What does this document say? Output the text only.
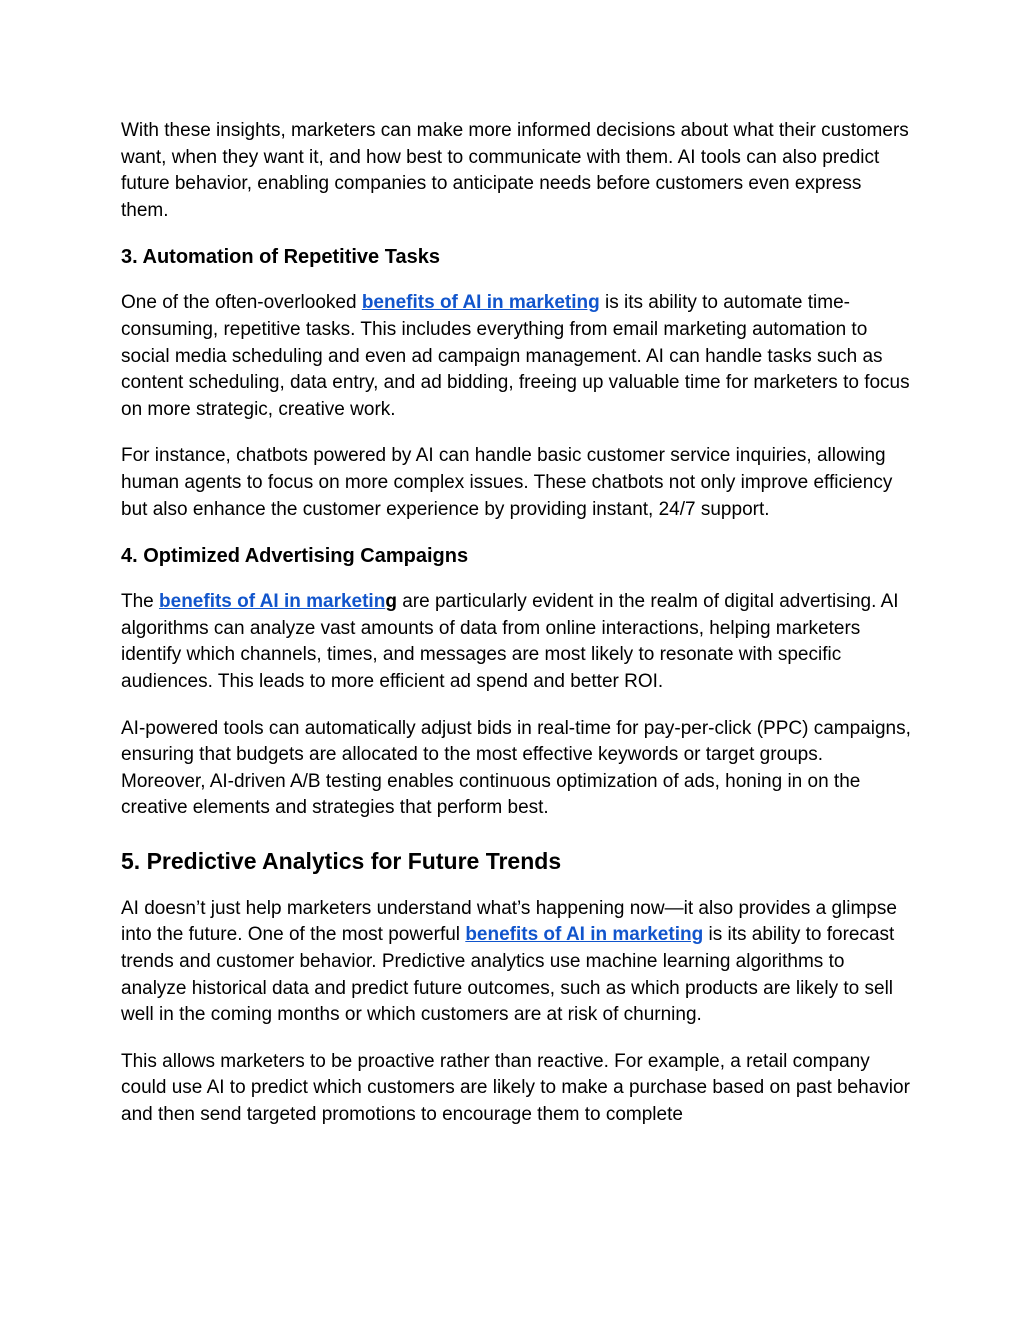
With these insights, marketers can make more informed decisions about what their customers want, when they want it, and how best to communicate with them. AI tools can also predict future behavior, enabling companies to anticipate needs before customers even express them.

3. Automation of Repetitive Tasks

One of the often-overlooked benefits of AI in marketing is its ability to automate time-consuming, repetitive tasks. This includes everything from email marketing automation to social media scheduling and even ad campaign management. AI can handle tasks such as content scheduling, data entry, and ad bidding, freeing up valuable time for marketers to focus on more strategic, creative work.

For instance, chatbots powered by AI can handle basic customer service inquiries, allowing human agents to focus on more complex issues. These chatbots not only improve efficiency but also enhance the customer experience by providing instant, 24/7 support.

4. Optimized Advertising Campaigns

The benefits of AI in marketing are particularly evident in the realm of digital advertising. AI algorithms can analyze vast amounts of data from online interactions, helping marketers identify which channels, times, and messages are most likely to resonate with specific audiences. This leads to more efficient ad spend and better ROI.

AI-powered tools can automatically adjust bids in real-time for pay-per-click (PPC) campaigns, ensuring that budgets are allocated to the most effective keywords or target groups. Moreover, AI-driven A/B testing enables continuous optimization of ads, honing in on the creative elements and strategies that perform best.

5. Predictive Analytics for Future Trends

AI doesn’t just help marketers understand what’s happening now—it also provides a glimpse into the future. One of the most powerful benefits of AI in marketing is its ability to forecast trends and customer behavior. Predictive analytics use machine learning algorithms to analyze historical data and predict future outcomes, such as which products are likely to sell well in the coming months or which customers are at risk of churning.

This allows marketers to be proactive rather than reactive. For example, a retail company could use AI to predict which customers are likely to make a purchase based on past behavior and then send targeted promotions to encourage them to complete
